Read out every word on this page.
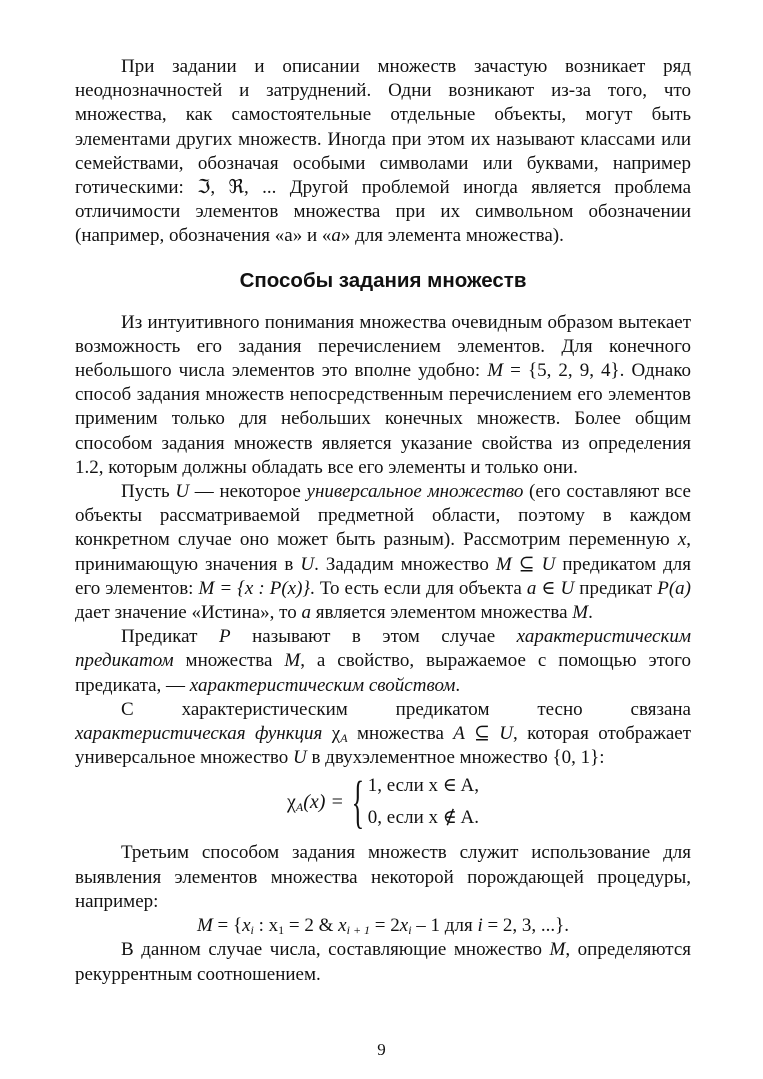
При задании и описании множеств зачастую возникает ряд неоднозначностей и затруднений. Одни возникают из-за того, что множества, как самостоятельные отдельные объекты, могут быть элементами других множеств. Иногда при этом их называют классами или семействами, обозначая особыми символами или буквами, например готическими: ℑ, ℜ, ... Другой проблемой иногда является проблема отличимости элементов множества при их символьном обозначении (например, обозначения «а» и «a» для элемента множества).

Способы задания множеств

Из интуитивного понимания множества очевидным образом вытекает возможность его задания перечислением элементов. Для конечного небольшого числа элементов это вполне удобно: M = {5, 2, 9, 4}. Однако способ задания множеств непосредственным перечислением его элементов применим только для небольших конечных множеств. Более общим способом задания множеств является указание свойства из определения 1.2, которым должны обладать все его элементы и только они.

Пусть U — некоторое универсальное множество (его составляют все объекты рассматриваемой предметной области, поэтому в каждом конкретном случае оно может быть разным). Рассмотрим переменную x, принимающую значения в U. Зададим множество M ⊆ U предикатом для его элементов: M = {x : P(x)}. То есть если для объекта a ∈ U предикат P(a) дает значение «Истина», то a является элементом множества M.

Предикат P называют в этом случае характеристическим предикатом множества M, а свойство, выражаемое с помощью этого предиката, — характеристическим свойством.

С характеристическим предикатом тесно связана характеристическая функция $\chi_A$ множества A ⊆ U, которая отображает универсальное множество U в двухэлементное множество {0, 1}:

$\chi_A(x)$ = { 1, если x ∈ A,
0, если x ∉ A.

Третьим способом задания множеств служит использование для выявления элементов множества некоторой порождающей процедуры, например:

$M = \{x_i$ : $x_1 = 2$ & $x_{i + 1} = 2x_i - 1$ для i = 2, 3, ...}.

В данном случае числа, составляющие множество M, определяются рекуррентным соотношением.

9
